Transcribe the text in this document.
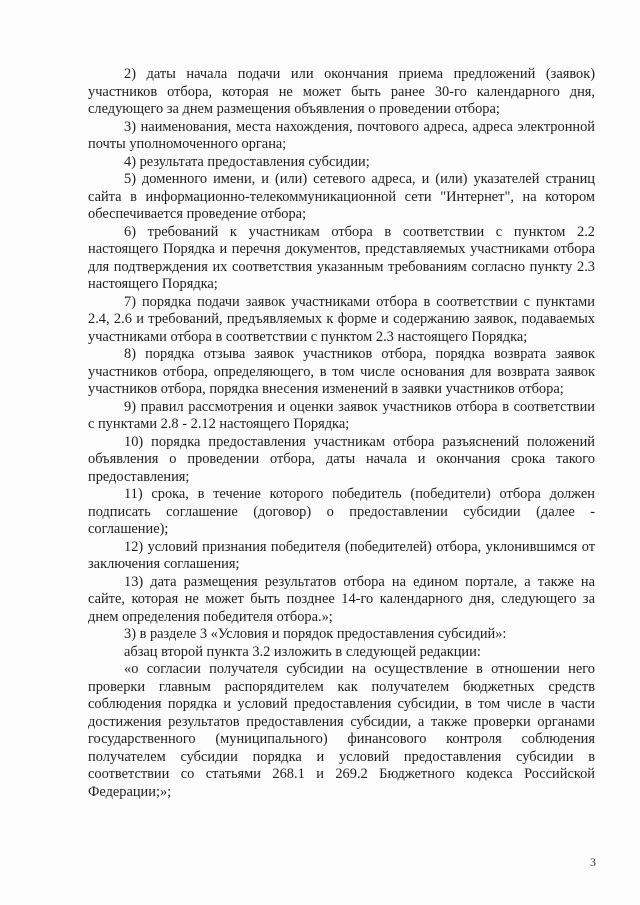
2) даты начала подачи или окончания приема предложений (заявок) участников отбора, которая не может быть ранее 30-го календарного дня, следующего за днем размещения объявления о проведении отбора;

3) наименования, места нахождения, почтового адреса, адреса электронной почты уполномоченного органа;

4) результата предоставления субсидии;

5) доменного имени, и (или) сетевого адреса, и (или) указателей страниц сайта в информационно-телекоммуникационной сети "Интернет", на котором обеспечивается проведение отбора;

6) требований к участникам отбора в соответствии с пунктом 2.2 настоящего Порядка и перечня документов, представляемых участниками отбора для подтверждения их соответствия указанным требованиям согласно пункту 2.3 настоящего Порядка;

7) порядка подачи заявок участниками отбора в соответствии с пунктами 2.4, 2.6 и требований, предъявляемых к форме и содержанию заявок, подаваемых участниками отбора в соответствии с пунктом 2.3 настоящего Порядка;

8) порядка отзыва заявок участников отбора, порядка возврата заявок участников отбора, определяющего, в том числе основания для возврата заявок участников отбора, порядка внесения изменений в заявки участников отбора;

9) правил рассмотрения и оценки заявок участников отбора в соответствии с пунктами 2.8 - 2.12 настоящего Порядка;

10) порядка предоставления участникам отбора разъяснений положений объявления о проведении отбора, даты начала и окончания срока такого предоставления;

11) срока, в течение которого победитель (победители) отбора должен подписать соглашение (договор) о предоставлении субсидии (далее - соглашение);

12) условий признания победителя (победителей) отбора, уклонившимся от заключения соглашения;

13) дата размещения результатов отбора на едином портале, а также на сайте, которая не может быть позднее 14-го календарного дня, следующего за днем определения победителя отбора.»;

3) в разделе 3 «Условия и порядок предоставления субсидий»:

абзац второй пункта 3.2 изложить в следующей редакции:

«о согласии получателя субсидии на осуществление в отношении него проверки главным распорядителем как получателем бюджетных средств соблюдения порядка и условий предоставления субсидии, в том числе в части достижения результатов предоставления субсидии, а также проверки органами государственного (муниципального) финансового контроля соблюдения получателем субсидии порядка и условий предоставления субсидии в соответствии со статьями 268.1 и 269.2 Бюджетного кодекса Российской Федерации;»;

3
